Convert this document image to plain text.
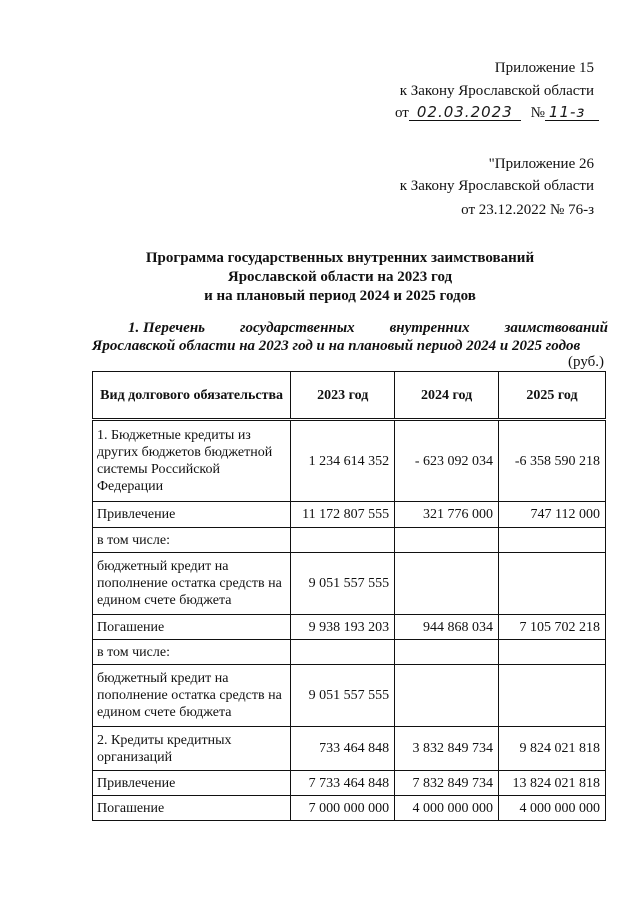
Приложение 15
к Закону Ярославской области
от 02.03.2023 № 11-з
"Приложение 26
к Закону Ярославской области
от 23.12.2022 № 76-з
Программа государственных внутренних заимствований
Ярославской области на 2023 год
и на плановый период 2024 и 2025 годов
1. Перечень государственных внутренних заимствований
Ярославской области на 2023 год и на плановый период 2024 и 2025 годов
(руб.)
Вид долгового обязательства	2023 год	2024 год	2025 год
1. Бюджетные кредиты из других бюджетов бюджетной системы Российской Федерации	1 234 614 352	- 623 092 034	-6 358 590 218
Привлечение	11 172 807 555	321 776 000	747 112 000
в том числе:			
бюджетный кредит на пополнение остатка средств на едином счете бюджета	9 051 557 555		
Погашение	9 938 193 203	944 868 034	7 105 702 218
в том числе:			
бюджетный кредит на пополнение остатка средств на едином счете бюджета	9 051 557 555		
2. Кредиты кредитных организаций	733 464 848	3 832 849 734	9 824 021 818
Привлечение	7 733 464 848	7 832 849 734	13 824 021 818
Погашение	7 000 000 000	4 000 000 000	4 000 000 000
